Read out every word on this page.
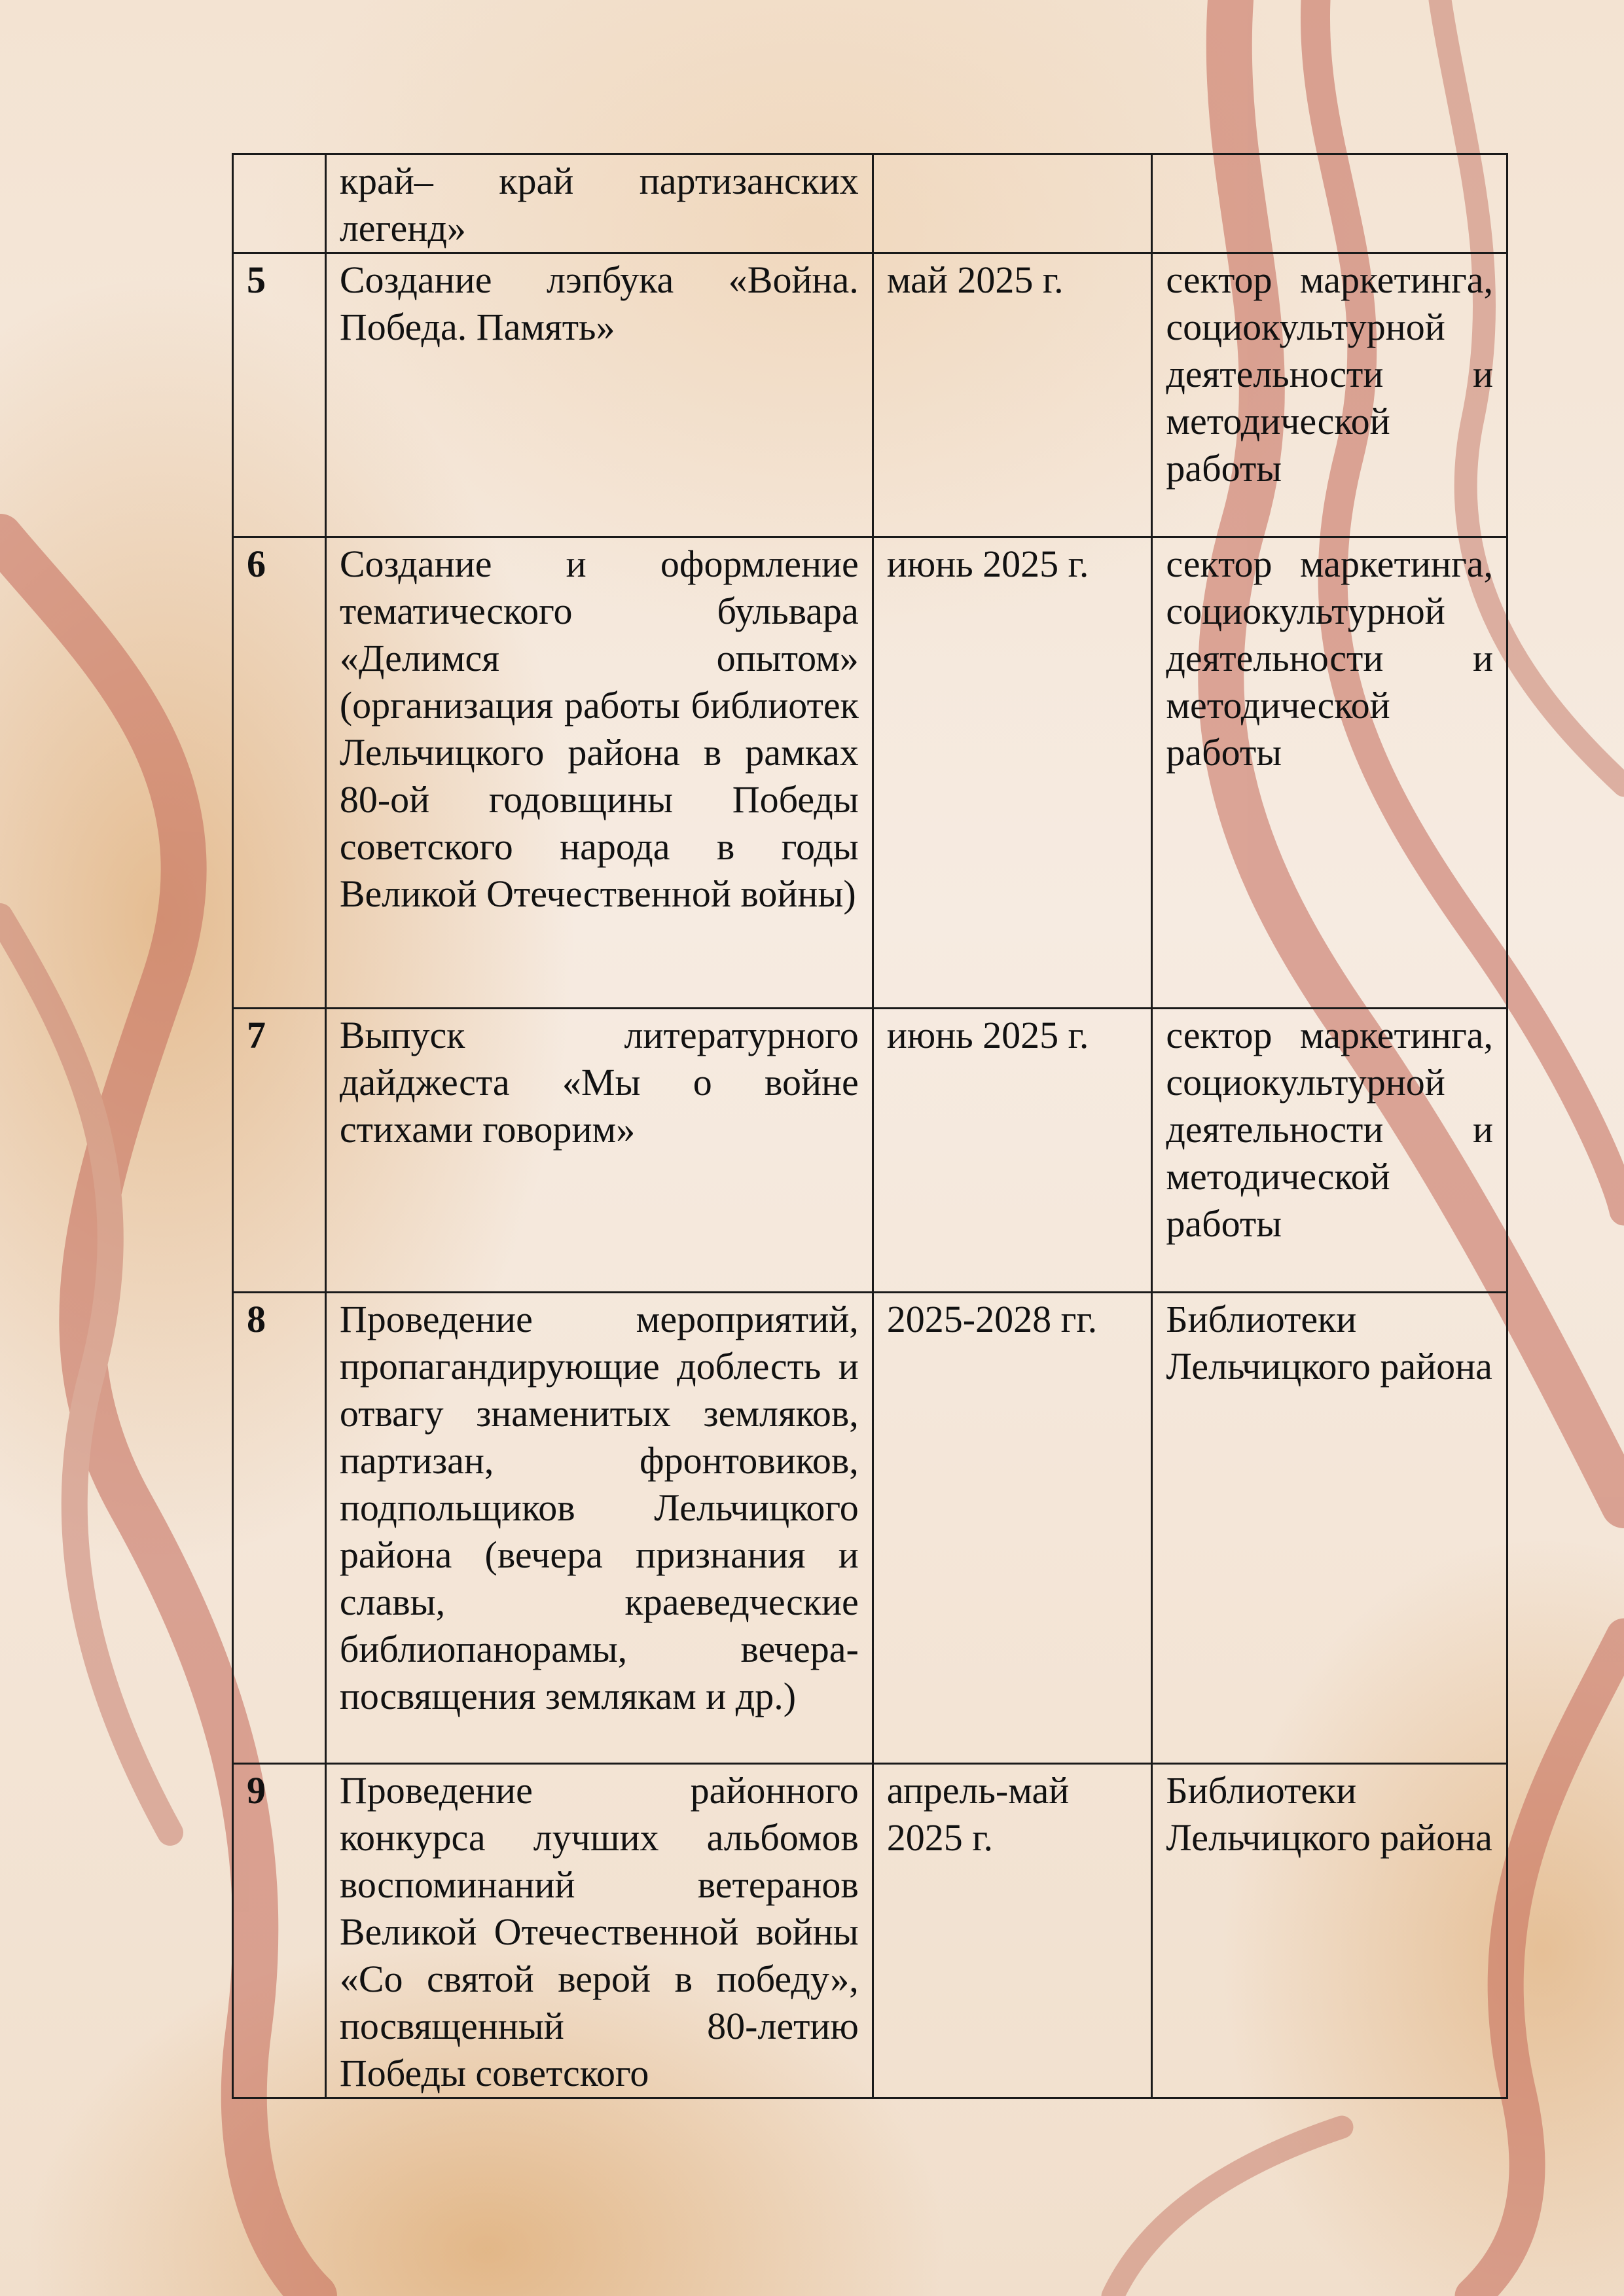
	край– край партизанских легенд»		
5	Создание лэпбука «Война. Победа. Память»	май 2025 г.	сектор маркетинга, социокультурной деятельности и методической работы
6	Создание и оформление тематического бульвара «Делимся опытом» (организация работы библиотек Лельчицкого района в рамках 80-ой годовщины Победы советского народа в годы Великой Отечественной войны)	июнь 2025 г.	сектор маркетинга, социокультурной деятельности и методической работы
7	Выпуск литературного дайджеста «Мы о войне стихами говорим»	июнь 2025 г.	сектор маркетинга, социокультурной деятельности и методической работы
8	Проведение мероприятий, пропагандирующие доблесть и отвагу знаменитых земляков, партизан, фронтовиков, подпольщиков Лельчицкого района (вечера признания и славы, краеведческие библиопанорамы, вечера-посвящения землякам и др.)	2025-2028 гг.	Библиотеки Лельчицкого района
9	Проведение районного конкурса лучших альбомов воспоминаний ветеранов Великой Отечественной войны «Со святой верой в победу», посвященный 80-летию Победы советского	апрель-май 2025 г.	Библиотеки Лельчицкого района
